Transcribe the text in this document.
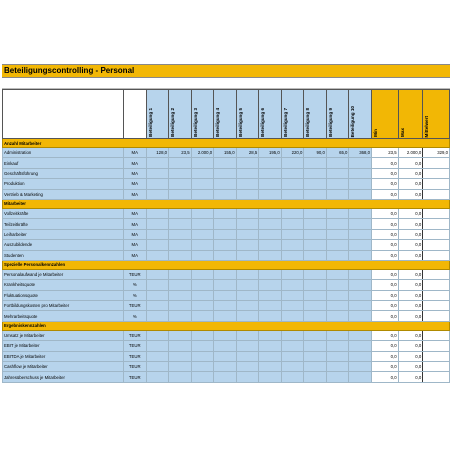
Beteiligungscontrolling - Personal
		Beteiligung 1	Beteiligung 2	Beteiligung 3	Beteiligung 4	Beteiligung 5	Beteiligung 6	Beteiligung 7	Beteiligung 8	Beteiligung 9	Beteiligung 10	Min	Max	Mittelwert
Anzahl Mitarbeiter														
Administration	MA	128,0	23,5	2.000,0	155,0	28,5	195,0	220,0	90,0	65,0	368,0	23,5	2.000,0	329,0
Einkauf	MA											0,0	0,0	
Geschäftsführung	MA											0,0	0,0	
Produktion	MA											0,0	0,0	
Vertrieb & Marketing	MA											0,0	0,0	
Mitarbeiter														
Vollzeitkräfte	MA											0,0	0,0	
Teilzeitkräfte	MA											0,0	0,0	
Leiharbeiter	MA											0,0	0,0	
Auszubildende	MA											0,0	0,0	
Studenten	MA											0,0	0,0	
Spezielle Personalkennzahlen														
Personalaufwand je Mitarbeiter	TEUR											0,0	0,0	
Krankheitsquote	%											0,0	0,0	
Fluktuationsquote	%											0,0	0,0	
Fortbildungskosten pro Mitarbeiter	TEUR											0,0	0,0	
Mehrarbeitsquote	%											0,0	0,0	
Ergebniskennzahlen														
Umsatz je Mitarbeiter	TEUR											0,0	0,0	
EBIT je Mitarbeiter	TEUR											0,0	0,0	
EBITDA je Mitarbeiter	TEUR											0,0	0,0	
Cashflow je Mitarbeiter	TEUR											0,0	0,0	
Jahresüberschuss je Mitarbeiter	TEUR											0,0	0,0	
